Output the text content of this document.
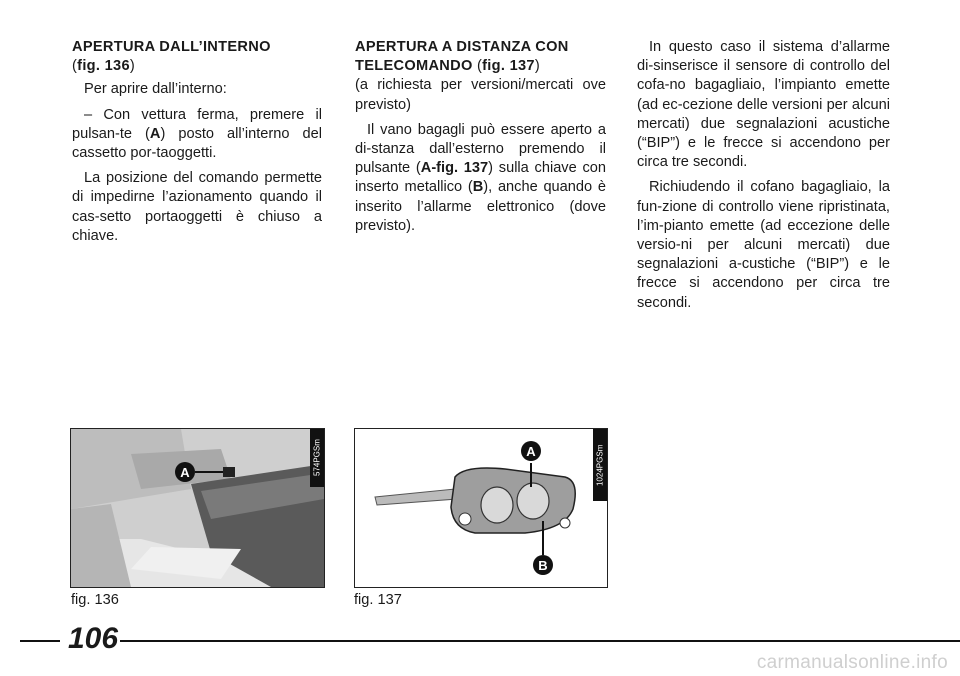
APERTURA DALL’INTERNO
(fig. 136)

Per aprire dall’interno:

– Con vettura ferma, premere il pulsan-te (A) posto all’interno del cassetto por-taoggetti.

La posizione del comando permette di impedirne l’azionamento quando il cas-setto portaoggetti è chiuso a chiave.

APERTURA A DISTANZA CON
TELECOMANDO (fig. 137)

(a richiesta per versioni/mercati ove previsto)

Il vano bagagli può essere aperto a di-stanza dall’esterno premendo il pulsante (A-fig. 137) sulla chiave con inserto metallico (B), anche quando è inserito l’allarme elettronico (dove previsto).

In questo caso il sistema d’allarme di-sinserisce il sensore di controllo del cofa-no bagagliaio, l’impianto emette (ad ec-cezione delle versioni per alcuni mercati) due segnalazioni acustiche (“BIP”) e le frecce si accendono per circa tre secondi.

Richiudendo il cofano bagagliaio, la fun-zione di controllo viene ripristinata, l’im-pianto emette (ad eccezione delle versio-ni per alcuni mercati) due segnalazioni a-custiche (“BIP”) e le frecce si accendono per circa tre secondi.

A	574PGSm	A
B
1024PGSm
fig. 136	fig. 137
106
carmanualsonline.info
